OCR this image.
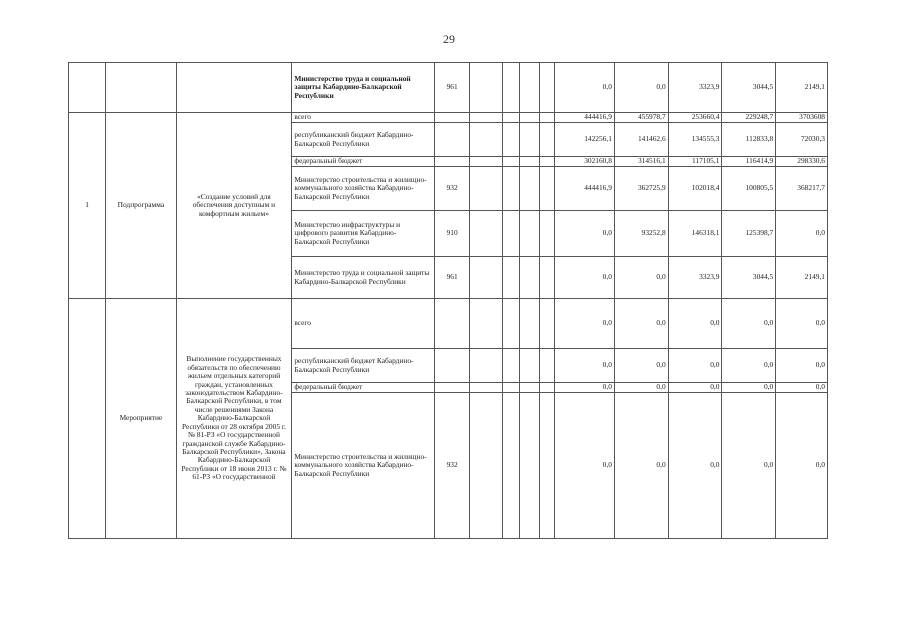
29
			Министерство труда и социальной защиты Кабардино-Балкарской Республики	961					0,0	0,0	3323,9	3044,5	2149,1
1	Подпрограмма	«Создание условий для обеспечения доступным и комфортным жильем»	всего						444416,9	455978,7	253660,4	229248,7	3703608
			республиканский бюджет Кабардино- Балкарской Республики						142256,1	141462,6	134555,3	112833,8	72030,3
			федеральный бюджет						302160,8	314516,1	117105,1	116414,9	298330,6
			Министерство строительства и жилищно-коммунального хозяйства Кабардино-Балкарской Республики	932					444416,9	362725,9	102018,4	100805,5	368217,7
			Министерство инфраструктуры и цифрового развития Кабардино-Балкарской Республики	910					0,0	93252,8	146318,1	125398,7	0,0
			Министерство труда и социальной защиты Кабардино-Балкарской Республики	961					0,0	0,0	3323,9	3044,5	2149,1
	Мероприятие	Выполнение государственных обязательств по обеспечению жильем отдельных категорий граждан, установленных законодательством Кабардино-Балкарской Республики, в том числе решениями Закона Кабардино-Балкарской Республики от 28 октября 2005 г. № 81-РЗ «О государственной гражданской службе Кабардино-Балкарской Республики», Закона Кабардино-Балкарской Республики от 18 июня 2013 г. № 61-РЗ «О государственной	всего						0,0	0,0	0,0	0,0	0,0
			республиканский бюджет Кабардино- Балкарской Республики						0,0	0,0	0,0	0,0	0,0
			федеральный бюджет						0,0	0,0	0,0	0,0	0,0
			Министерство строительства и жилищно-коммунального хозяйства Кабардино-Балкарской Республики	932					0,0	0,0	0,0	0,0	0,0
